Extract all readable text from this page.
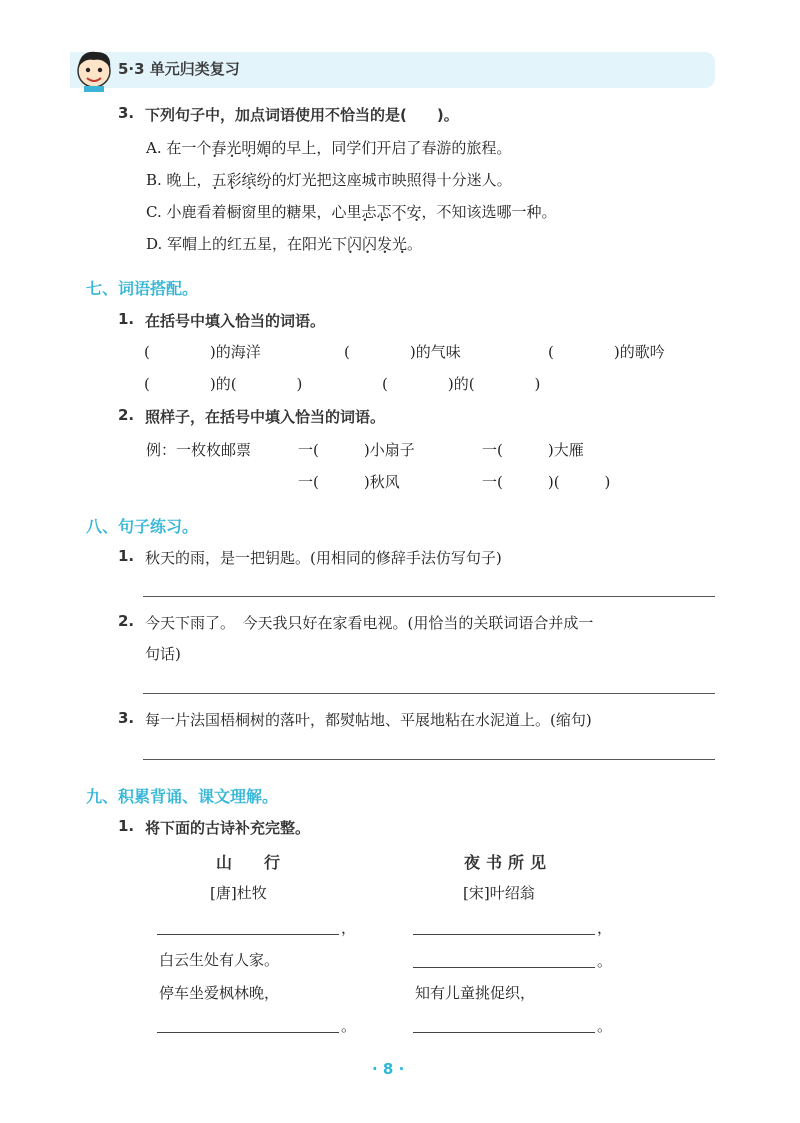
5·3 单元归类复习
3. 下列句子中，加点词语使用不恰当的是(　　)。
A. 在一个春光明媚 • • • •的早上，同学们开启了春游的旅程。
B. 晚上，五彩缤纷 • • • •的灯光把这座城市映照得十分迷人。
C. 小鹿看着橱窗里的糖果，心里忐忑不安 • • • •，不知该选哪一种。
D. 军帽上的红五星，在阳光下闪闪发光 • • • •。
七、词语搭配。
1. 在括号中填入恰当的词语。
(　　　　)的海洋	(　　　　)的气味	(　　　　)的歌吟
(　　　　)的(　　　　)	(　　　　)的(　　　　)
2. 照样子，在括号中填入恰当的词语。
例：一枚枚邮票	一(　　　)小扇子	一(　　　)大雁
一(　　　)秋风	一(　　　)(　　　)
八、句子练习。
1. 秋天的雨，是一把钥匙。(用相同的修辞手法仿写句子)
2. 今天下雨了。　今天我只好在家看电视。(用恰当的关联词语合并成一
句话)
3. 每一片法国梧桐树的落叶，都熨帖地、平展地粘在水泥道上。(缩句)
九、积累背诵、课文理解。
1. 将下面的古诗补充完整。
山　　行
[唐]杜牧
，
白云生处有人家。
停车坐爱枫林晚，
。
夜书所见
[宋]叶绍翁
，
。
知有儿童挑促织，
。
· 8 ·
